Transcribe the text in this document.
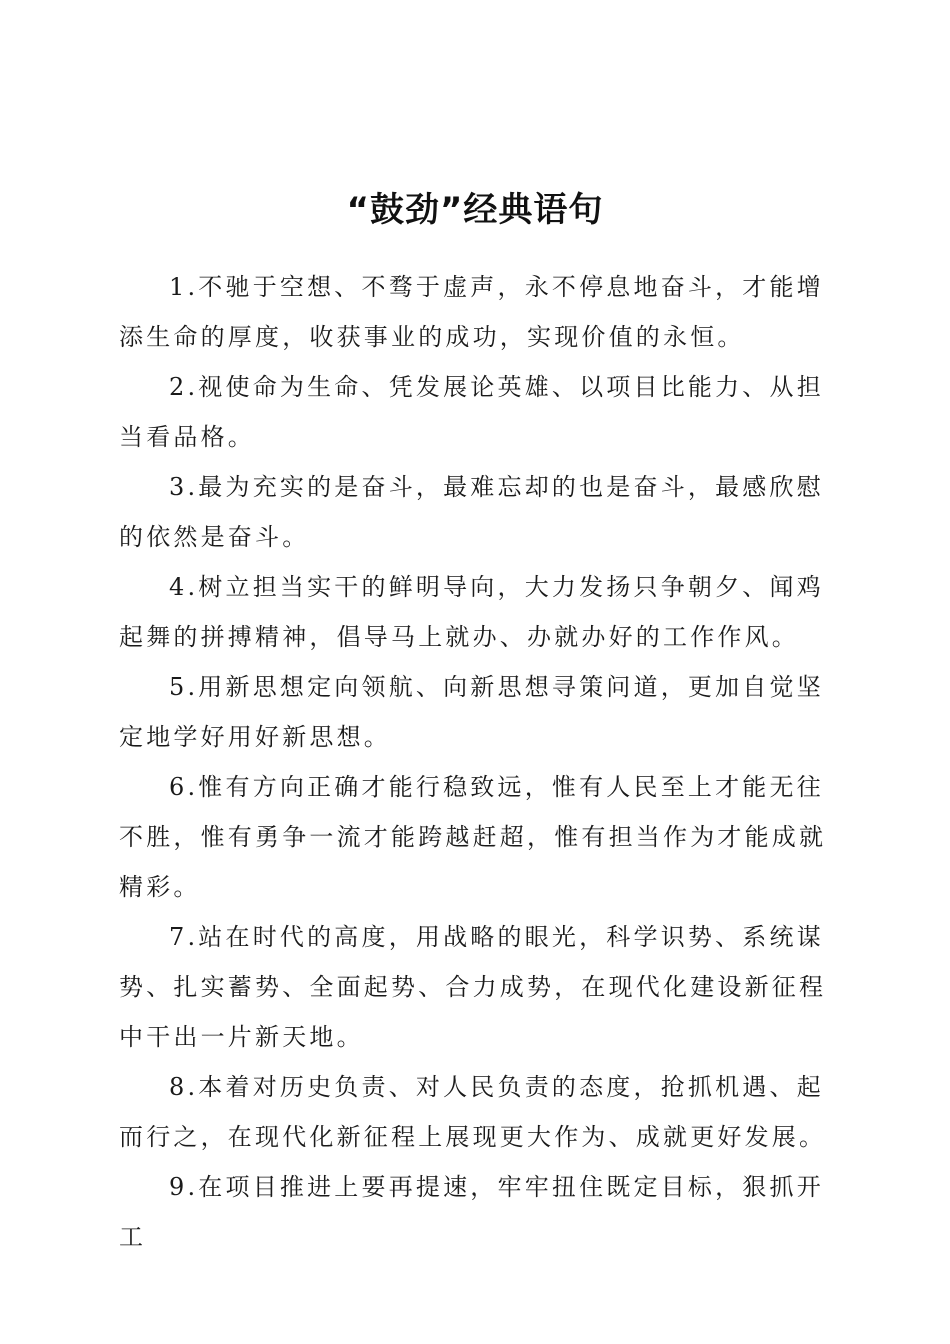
“鼓劲”经典语句

1.不驰于空想、不骛于虚声，永不停息地奋斗，才能增添生命的厚度，收获事业的成功，实现价值的永恒。

2.视使命为生命、凭发展论英雄、以项目比能力、从担当看品格。

3.最为充实的是奋斗，最难忘却的也是奋斗，最感欣慰的依然是奋斗。

4.树立担当实干的鲜明导向，大力发扬只争朝夕、闻鸡起舞的拼搏精神，倡导马上就办、办就办好的工作作风。

5.用新思想定向领航、向新思想寻策问道，更加自觉坚定地学好用好新思想。

6.惟有方向正确才能行稳致远，惟有人民至上才能无往不胜，惟有勇争一流才能跨越赶超，惟有担当作为才能成就精彩。

7.站在时代的高度，用战略的眼光，科学识势、系统谋势、扎实蓄势、全面起势、合力成势，在现代化建设新征程中干出一片新天地。

8.本着对历史负责、对人民负责的态度，抢抓机遇、起而行之，在现代化新征程上展现更大作为、成就更好发展。

9.在项目推进上要再提速，牢牢扭住既定目标，狠抓开工
